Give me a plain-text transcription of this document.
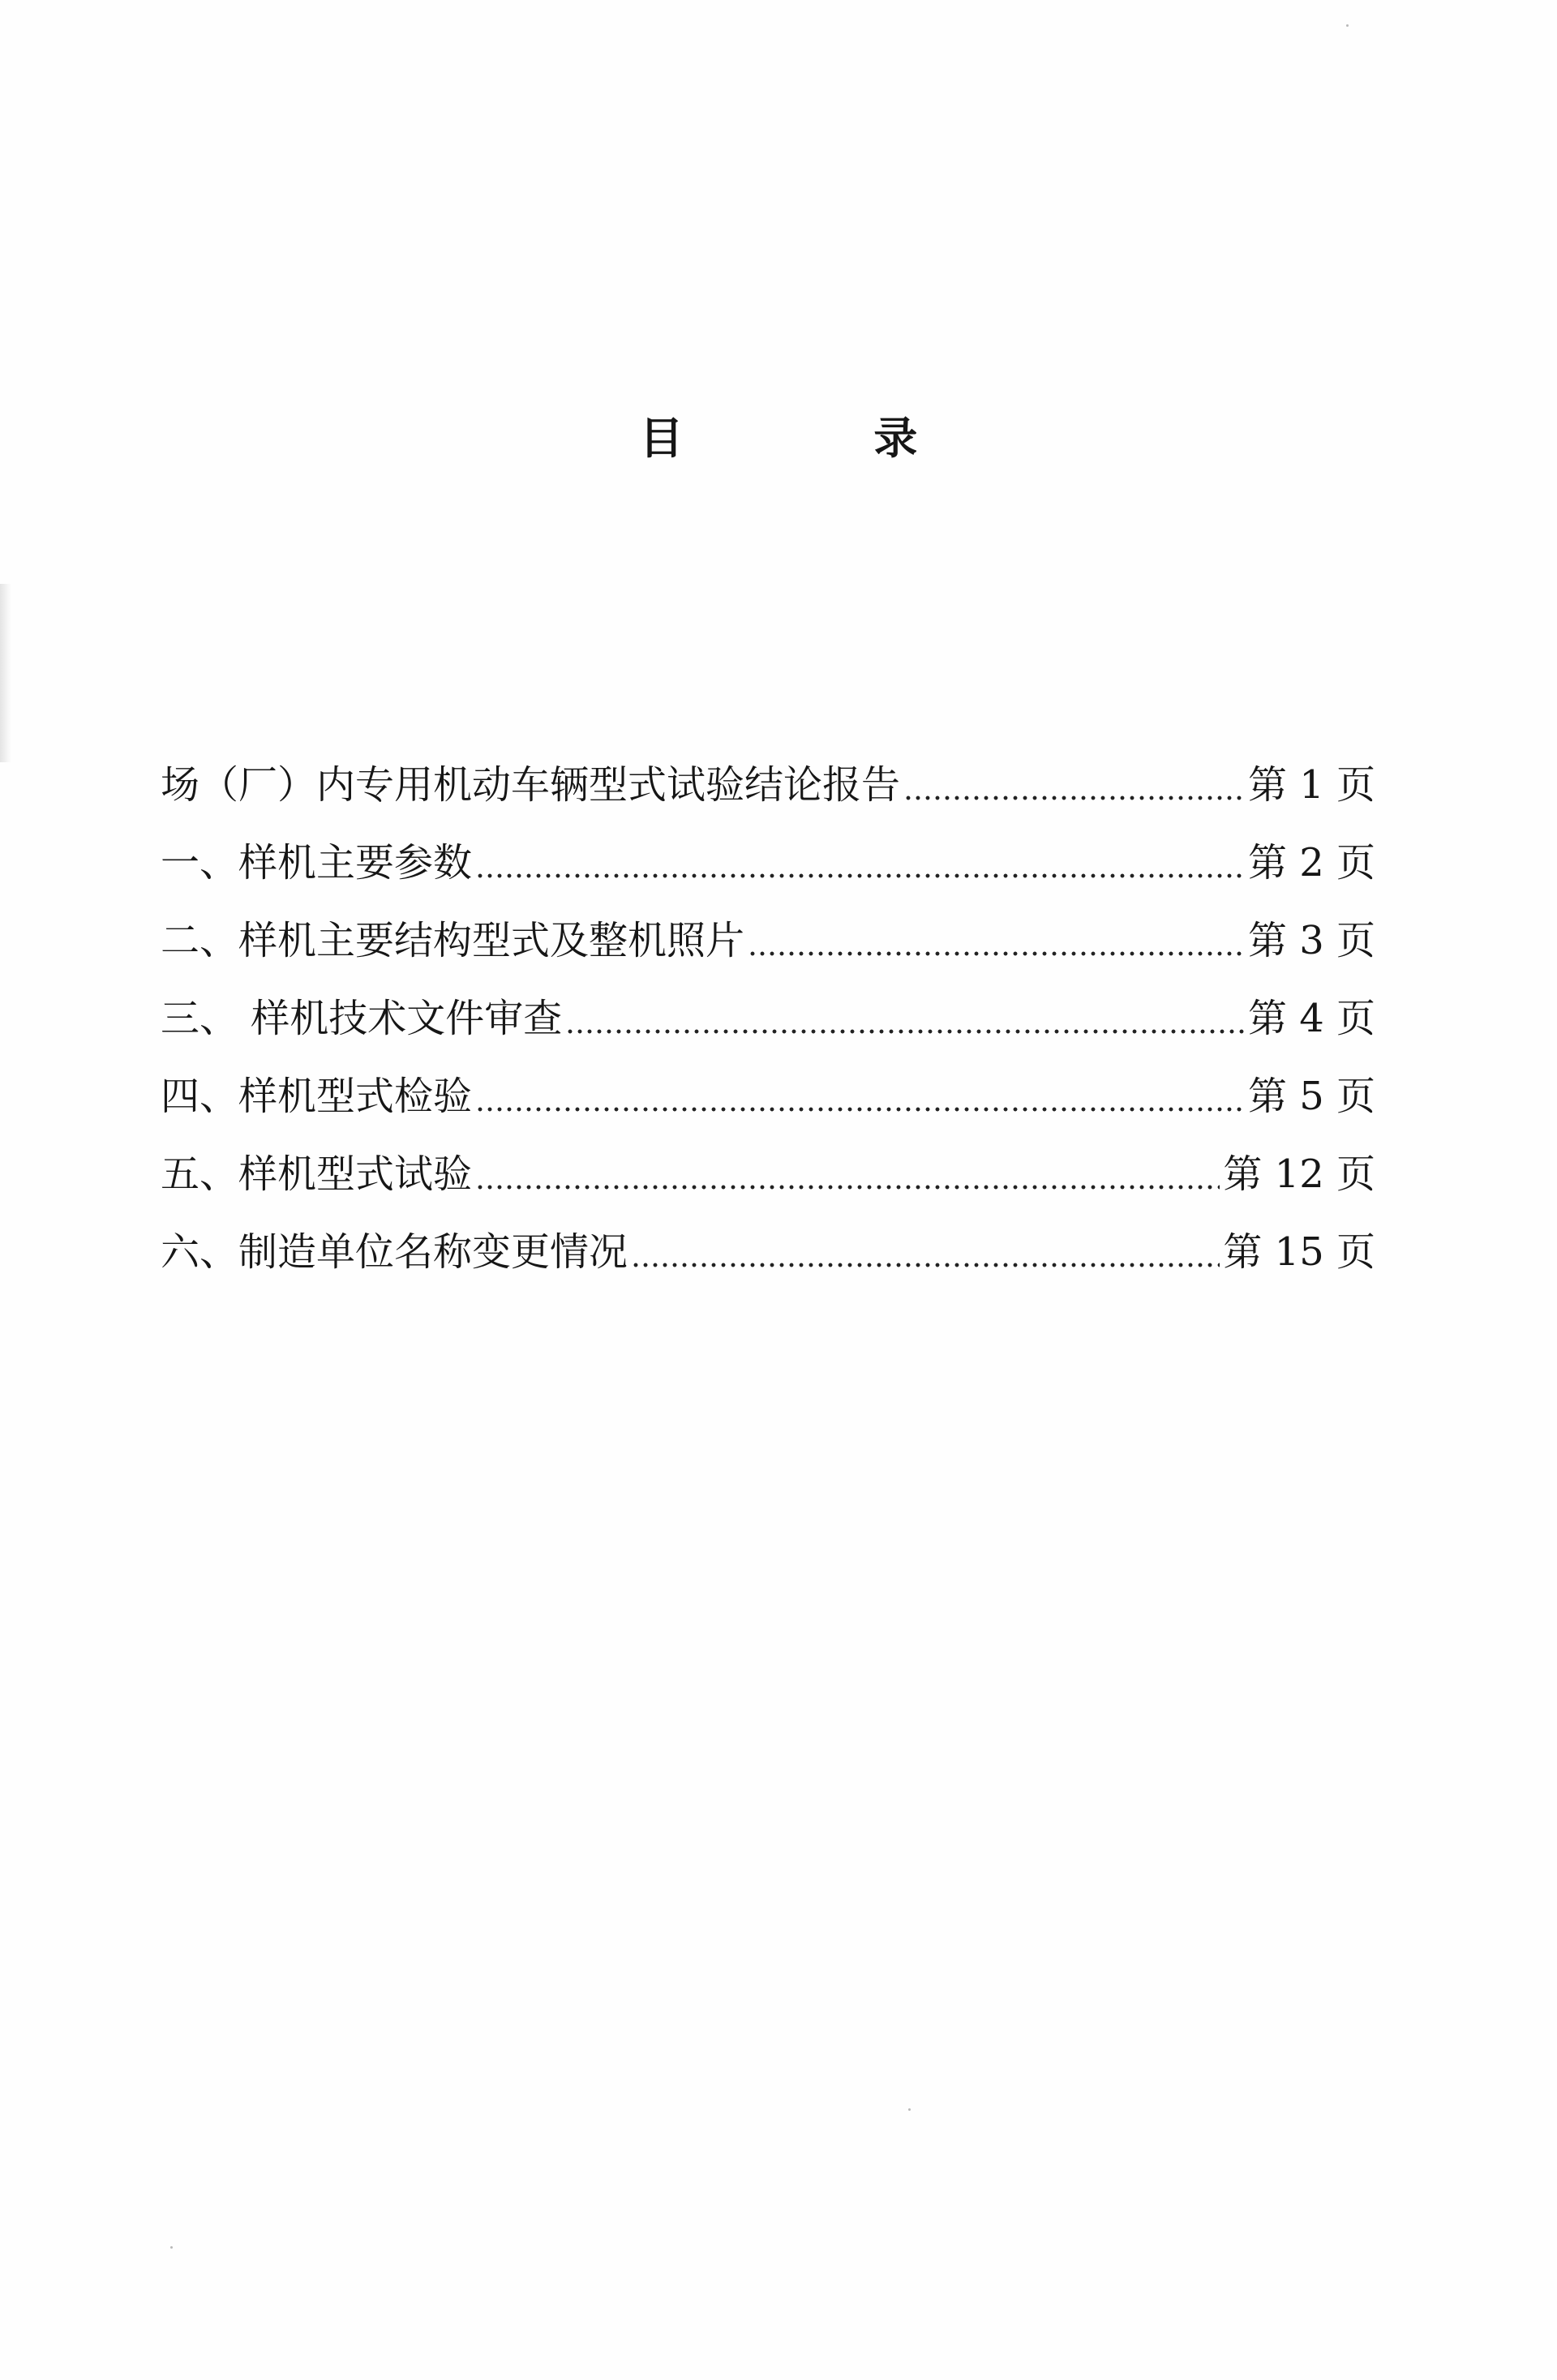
目 录
场（厂）内专用机动车辆型式试验结论报告	第 1 页
一、样机主要参数	第 2 页
二、样机主要结构型式及整机照片	第 3 页
三、 样机技术文件审查	第 4 页
四、样机型式检验	第 5 页
五、样机型式试验	第 12 页
六、制造单位名称变更情况	第 15 页
